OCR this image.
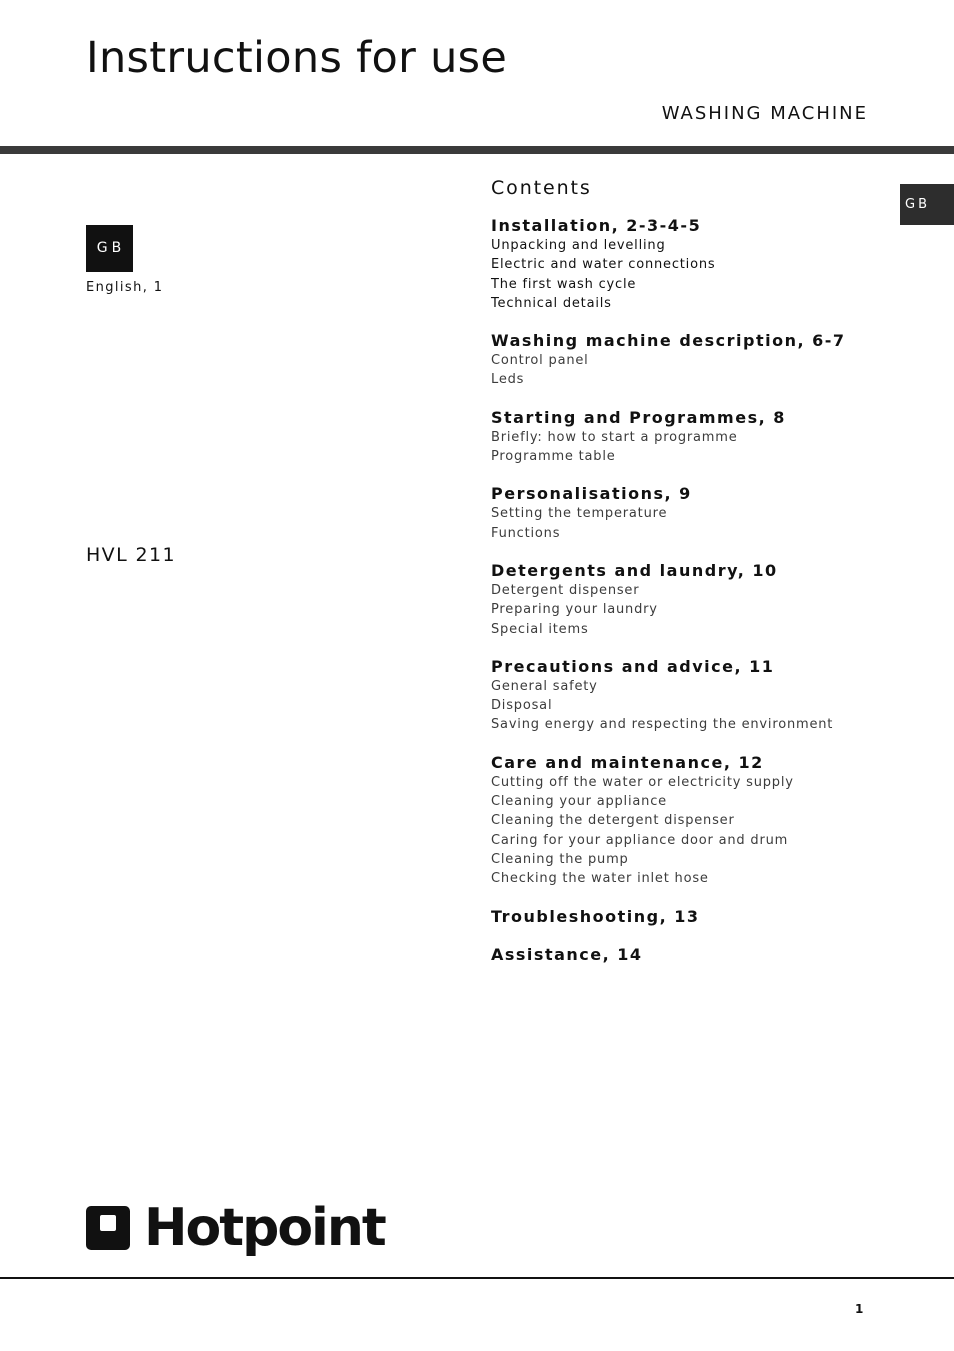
Instructions for use
WASHING MACHINE
GB
GB
English, 1
HVL 211
Contents
Installation, 2-3-4-5
Unpacking and levelling
Electric and water connections
The first wash cycle
Technical details
Washing machine description, 6-7
Control panel
Leds
Starting and Programmes, 8
Briefly: how to start a programme
Programme table
Personalisations, 9
Setting the temperature
Functions
Detergents and laundry, 10
Detergent dispenser
Preparing your laundry
Special items
Precautions and advice, 11
General safety
Disposal
Saving energy and respecting the environment
Care and maintenance, 12
Cutting off the water or electricity supply
Cleaning your appliance
Cleaning the detergent dispenser
Caring for your appliance door and drum
Cleaning the pump
Checking the water inlet hose
Troubleshooting, 13
Assistance, 14
Hotpoint
1
